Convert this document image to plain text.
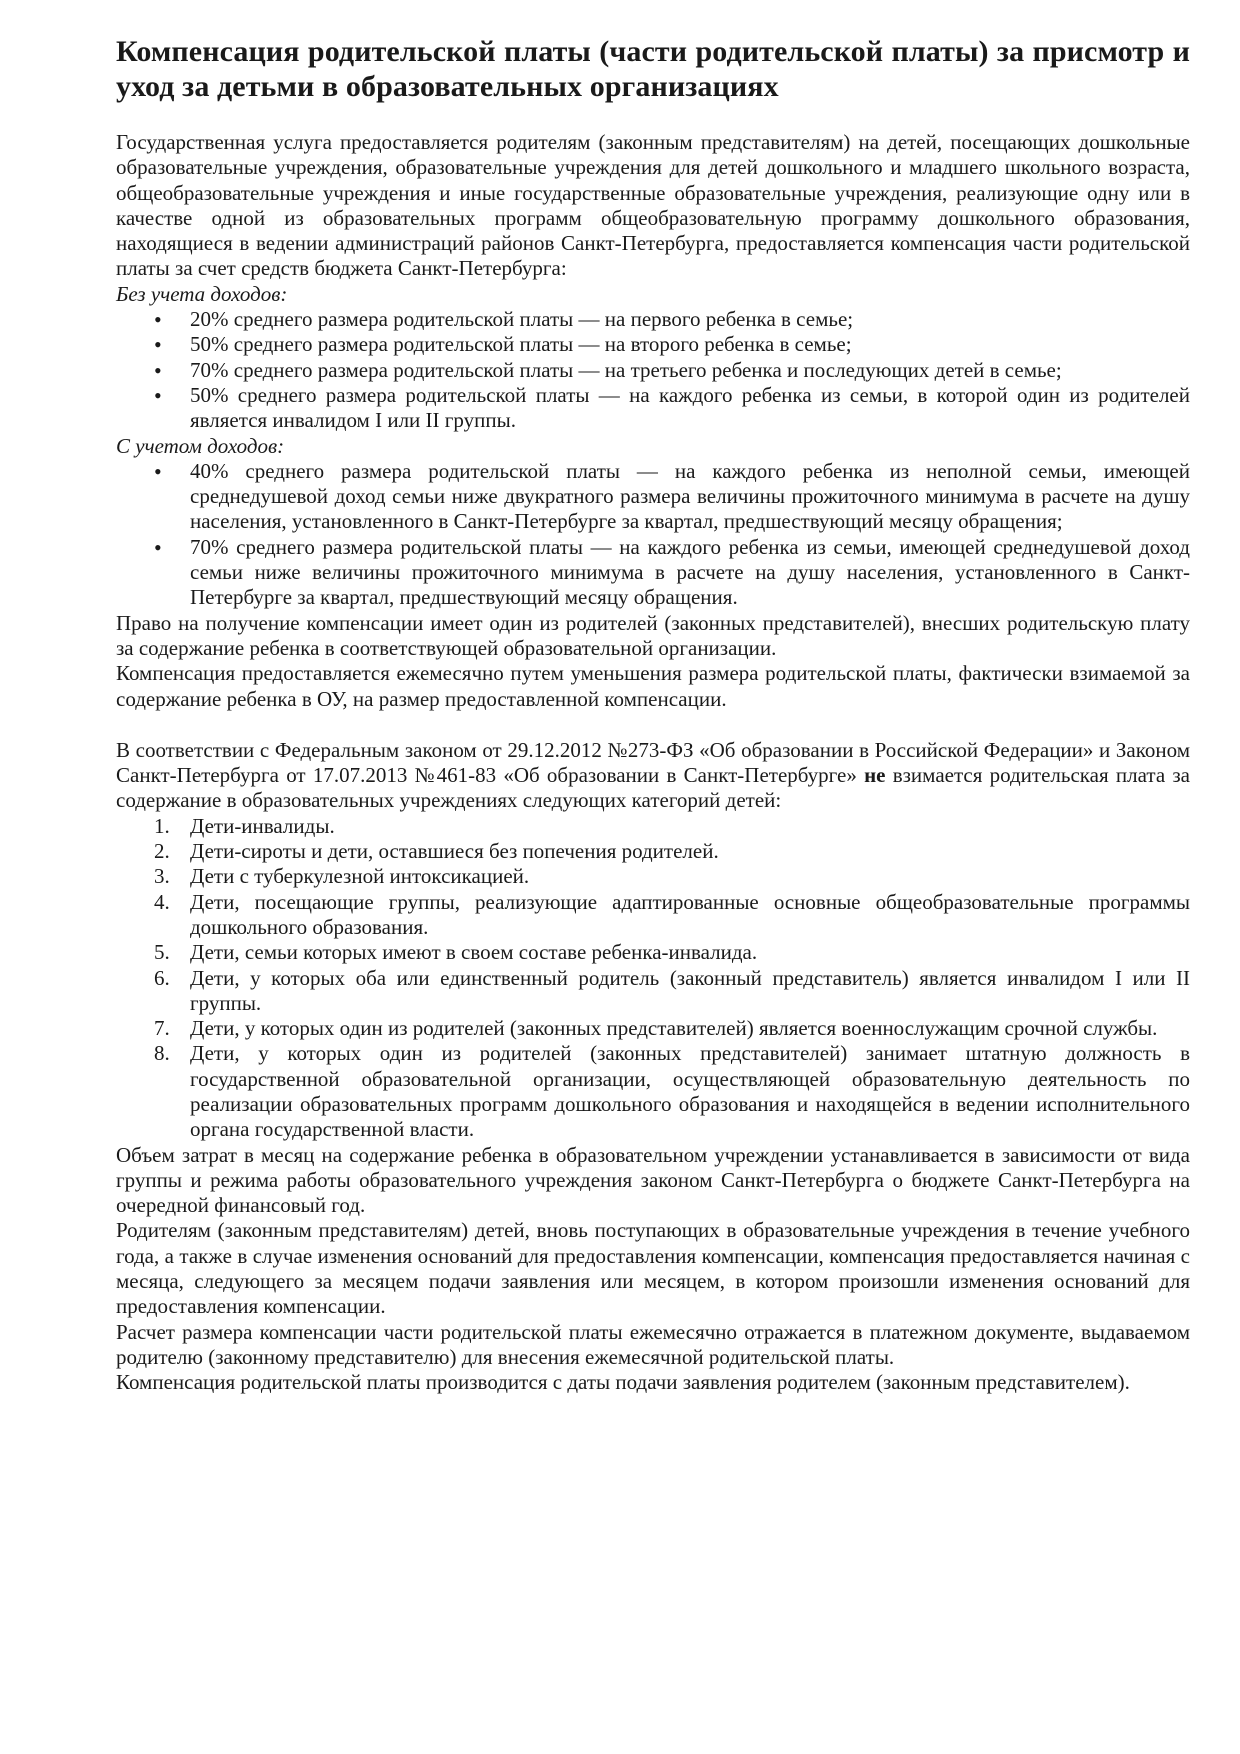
Компенсация родительской платы (части родительской платы) за присмотр и уход за детьми в образовательных организациях

Государственная услуга предоставляется родителям (законным представителям) на детей, посещающих дошкольные образовательные учреждения, образовательные учреждения для детей дошкольного и младшего школьного возраста, общеобразовательные учреждения и иные государственные образовательные учреждения, реализующие одну или в качестве одной из образовательных программ общеобразовательную программу дошкольного образования, находящиеся в ведении администраций районов Санкт-Петербурга, предоставляется компенсация части родительской платы за счет средств бюджета Санкт-Петербурга:

Без учета доходов:
• 20% среднего размера родительской платы — на первого ребенка в семье;
• 50% среднего размера родительской платы — на второго ребенка в семье;
• 70% среднего размера родительской платы — на третьего ребенка и последующих детей в семье;
• 50% среднего размера родительской платы — на каждого ребенка из семьи, в которой один из родителей является инвалидом I или II группы.
С учетом доходов:
• 40% среднего размера родительской платы — на каждого ребенка из неполной семьи, имеющей среднедушевой доход семьи ниже двукратного размера величины прожиточного минимума в расчете на душу населения, установленного в Санкт-Петербурге за квартал, предшествующий месяцу обращения;
• 70% среднего размера родительской платы — на каждого ребенка из семьи, имеющей среднедушевой доход семьи ниже величины прожиточного минимума в расчете на душу населения, установленного в Санкт-Петербурге за квартал, предшествующий месяцу обращения.

Право на получение компенсации имеет один из родителей (законных представителей), внесших родительскую плату за содержание ребенка в соответствующей образовательной организации.

Компенсация предоставляется ежемесячно путем уменьшения размера родительской платы, фактически взимаемой за содержание ребенка в ОУ, на размер предоставленной компенсации.

В соответствии с Федеральным законом от 29.12.2012 №273-ФЗ «Об образовании в Российской Федерации» и Законом Санкт-Петербурга от 17.07.2013 №461-83 «Об образовании в Санкт-Петербурге» не взимается родительская плата за содержание в образовательных учреждениях следующих категорий детей:

1. Дети-инвалиды.
2. Дети-сироты и дети, оставшиеся без попечения родителей.
3. Дети с туберкулезной интоксикацией.
4. Дети, посещающие группы, реализующие адаптированные основные общеобразовательные программы дошкольного образования.
5. Дети, семьи которых имеют в своем составе ребенка-инвалида.
6. Дети, у которых оба или единственный родитель (законный представитель) является инвалидом I или II группы.
7. Дети, у которых один из родителей (законных представителей) является военнослужащим срочной службы.
8. Дети, у которых один из родителей (законных представителей) занимает штатную должность в государственной образовательной организации, осуществляющей образовательную деятельность по реализации образовательных программ дошкольного образования и находящейся в ведении исполнительного органа государственной власти.

Объем затрат в месяц на содержание ребенка в образовательном учреждении устанавливается в зависимости от вида группы и режима работы образовательного учреждения законом Санкт-Петербурга о бюджете Санкт-Петербурга на очередной финансовый год.

Родителям (законным представителям) детей, вновь поступающих в образовательные учреждения в течение учебного года, а также в случае изменения оснований для предоставления компенсации, компенсация предоставляется начиная с месяца, следующего за месяцем подачи заявления или месяцем, в котором произошли изменения оснований для предоставления компенсации.

Расчет размера компенсации части родительской платы ежемесячно отражается в платежном документе, выдаваемом родителю (законному представителю) для внесения ежемесячной родительской платы.

Компенсация родительской платы производится с даты подачи заявления родителем (законным представителем).
